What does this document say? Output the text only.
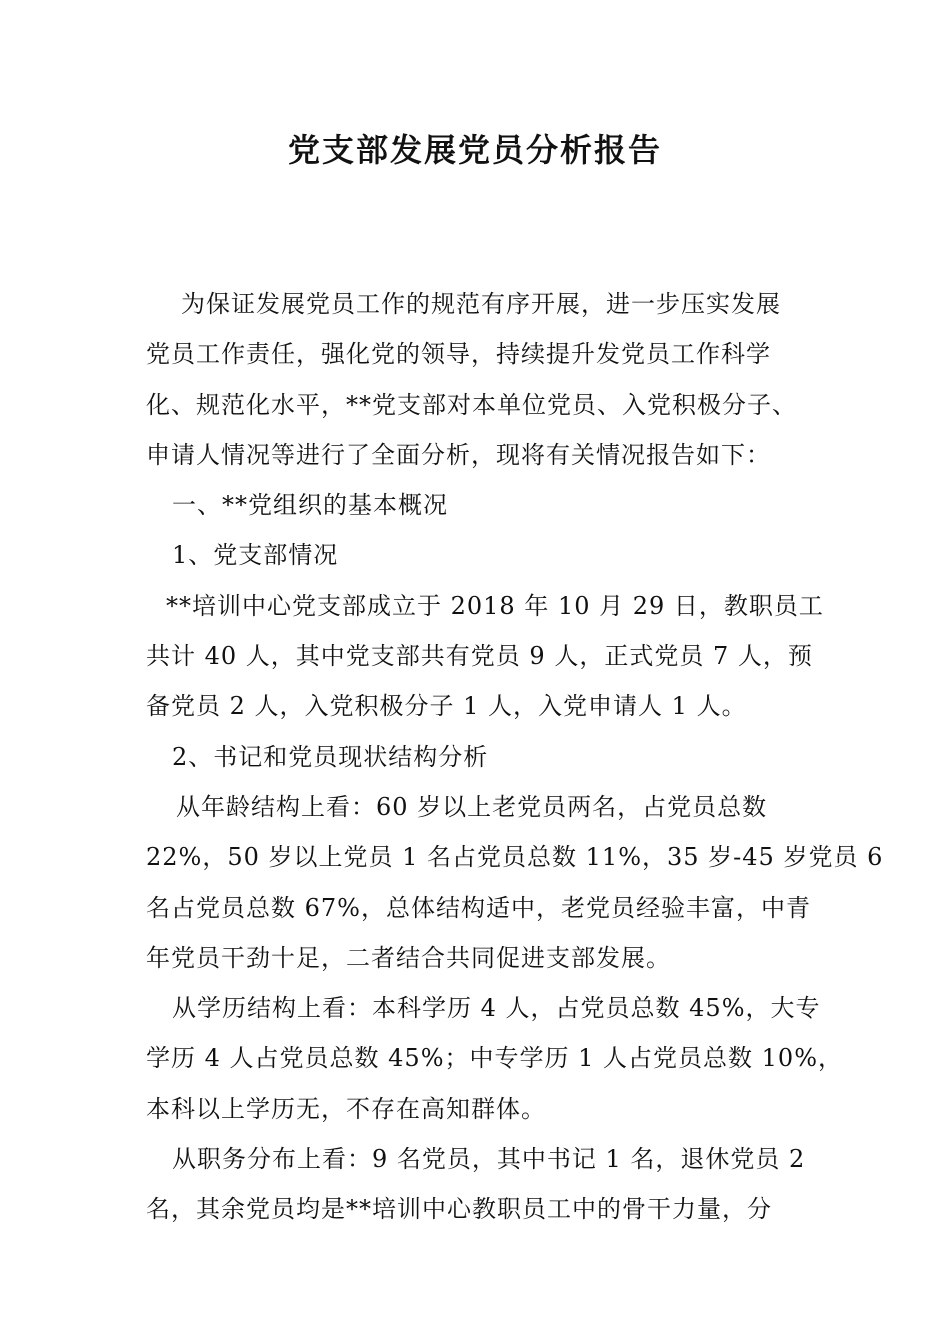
党支部发展党员分析报告
为保证发展党员工作的规范有序开展，进一步压实发展
党员工作责任，强化党的领导，持续提升发党员工作科学
化、规范化水平，**党支部对本单位党员、入党积极分子、
申请人情况等进行了全面分析，现将有关情况报告如下：
一、**党组织的基本概况
1、党支部情况
**培训中心党支部成立于 2018 年 10 月 29 日，教职员工
共计 40 人，其中党支部共有党员 9 人，正式党员 7 人，预
备党员 2 人，入党积极分子 1 人，入党申请人 1 人。
2、书记和党员现状结构分析
从年龄结构上看：60 岁以上老党员两名，占党员总数
22%，50 岁以上党员 1 名占党员总数 11%，35 岁-45 岁党员 6
名占党员总数 67%，总体结构适中，老党员经验丰富，中青
年党员干劲十足，二者结合共同促进支部发展。
从学历结构上看：本科学历 4 人，占党员总数 45%，大专
学历 4 人占党员总数 45%；中专学历 1 人占党员总数 10%，
本科以上学历无，不存在高知群体。
从职务分布上看：9 名党员，其中书记 1 名，退休党员 2
名，其余党员均是**培训中心教职员工中的骨干力量，分
